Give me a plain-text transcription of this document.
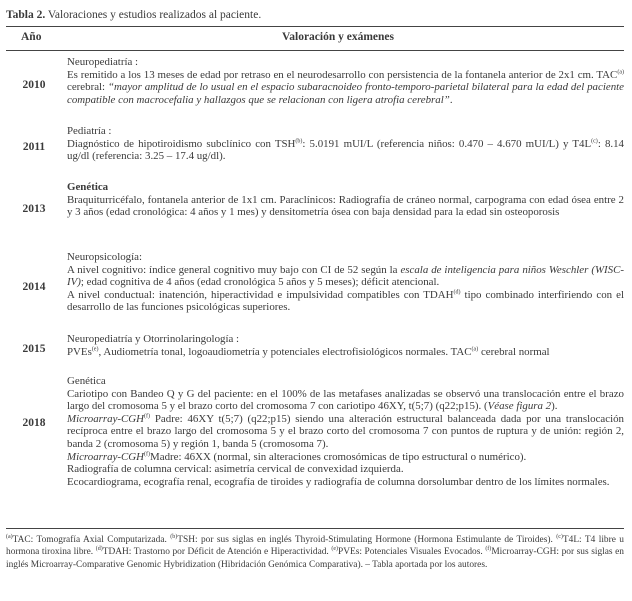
Tabla 2. Valoraciones y estudios realizados al paciente.
Año	Valoración y exámenes
2010

Neuropediatría :

Es remitido a los 13 meses de edad por retraso en el neurodesarrollo con persistencia de la fontanela anterior de 2x1 cm. TAC$^{(a)}$ cerebral: “mayor amplitud de lo usual en el espacio subaracnoideo fronto-temporo-parietal bilateral para la edad del paciente compatible con macrocefalia y hallazgos que se relacionan con ligera atrofia cerebral”.

2011

Pediatría :

Diagnóstico de hipotiroidismo subclínico con TSH$^{(b)}$: 5.0191 mUI/L (referencia niños: 0.470 – 4.670 mUI/L) y $T4L^{(c)}$: 8.14 ug/dl (referencia: 3.25 – 17.4 ug/dl).

2013

Genética

Braquiturricéfalo, fontanela anterior de 1x1 cm. Paraclínicos: Radiografía de cráneo normal, carpograma con edad ósea entre 2 y 3 años (edad cronológica: 4 años y 1 mes) y densitometría ósea con baja densidad para la edad sin osteoporosis

2014

Neuropsicología:

A nivel cognitivo: índice general cognitivo muy bajo con CI de 52 según la escala de inteligencia para niños Weschler (WISC-IV); edad cognitiva de 4 años (edad cronológica 5 años y 5 meses); déficit atencional.

A nivel conductual: inatención, hiperactividad e impulsividad compatibles con TDAH$^{(d)}$ tipo combinado interfiriendo con el desarrollo de las funciones psicológicas superiores.

2015

Neuropediatría y Otorrinolaringología :

PVEs$^{(e)}$, Audiometría tonal, logoaudiometría y potenciales electrofisiológicos normales. TAC$^{(a)}$ cerebral normal

2018

Genética

Cariotipo con Bandeo Q y G del paciente: en el 100% de las metafases analizadas se observó una translocación entre el brazo largo del cromosoma 5 y el brazo corto del cromosoma 7 con cariotipo 46XY, t(5;7) (q22;p15). (Véase figura 2).

Microarray-CGH$^{(f)}$ Padre: 46XY t(5;7) (q22;p15) siendo una alteración estructural balanceada dada por una translocación recíproca entre el brazo largo del cromosoma 5 y el brazo corto del cromosoma 7 con puntos de ruptura y de unión: región 2, banda 2 (cromosoma 5) y región 1, banda 5 (cromosoma 7).

Microarray-CGH$^{(f)}$Madre: 46XX (normal, sin alteraciones cromosómicas de tipo estructural o numérico).

Radiografía de columna cervical: asimetría cervical de convexidad izquierda.

Ecocardiograma, ecografía renal, ecografía de tiroides y radiografía de columna dorsolumbar dentro de los límites normales.

$^{(a)}$TAC: Tomografía Axial Computarizada. $^{(b)}$TSH: por sus siglas en inglés Thyroid-Stimulating Hormone (Hormona Estimulante de Tiroides). $^{(c)}$T4L: T4 libre u hormona tiroxina libre. $^{(d)}$TDAH: Trastorno por Déficit de Atención e Hiperactividad. $^{(e)}$PVEs: Potenciales Visuales Evocados. $^{(f)}$Microarray-CGH: por sus siglas en inglés Microarray-Comparative Genomic Hybridization (Hibridación Genómica Comparativa). – Tabla aportada por los autores.
